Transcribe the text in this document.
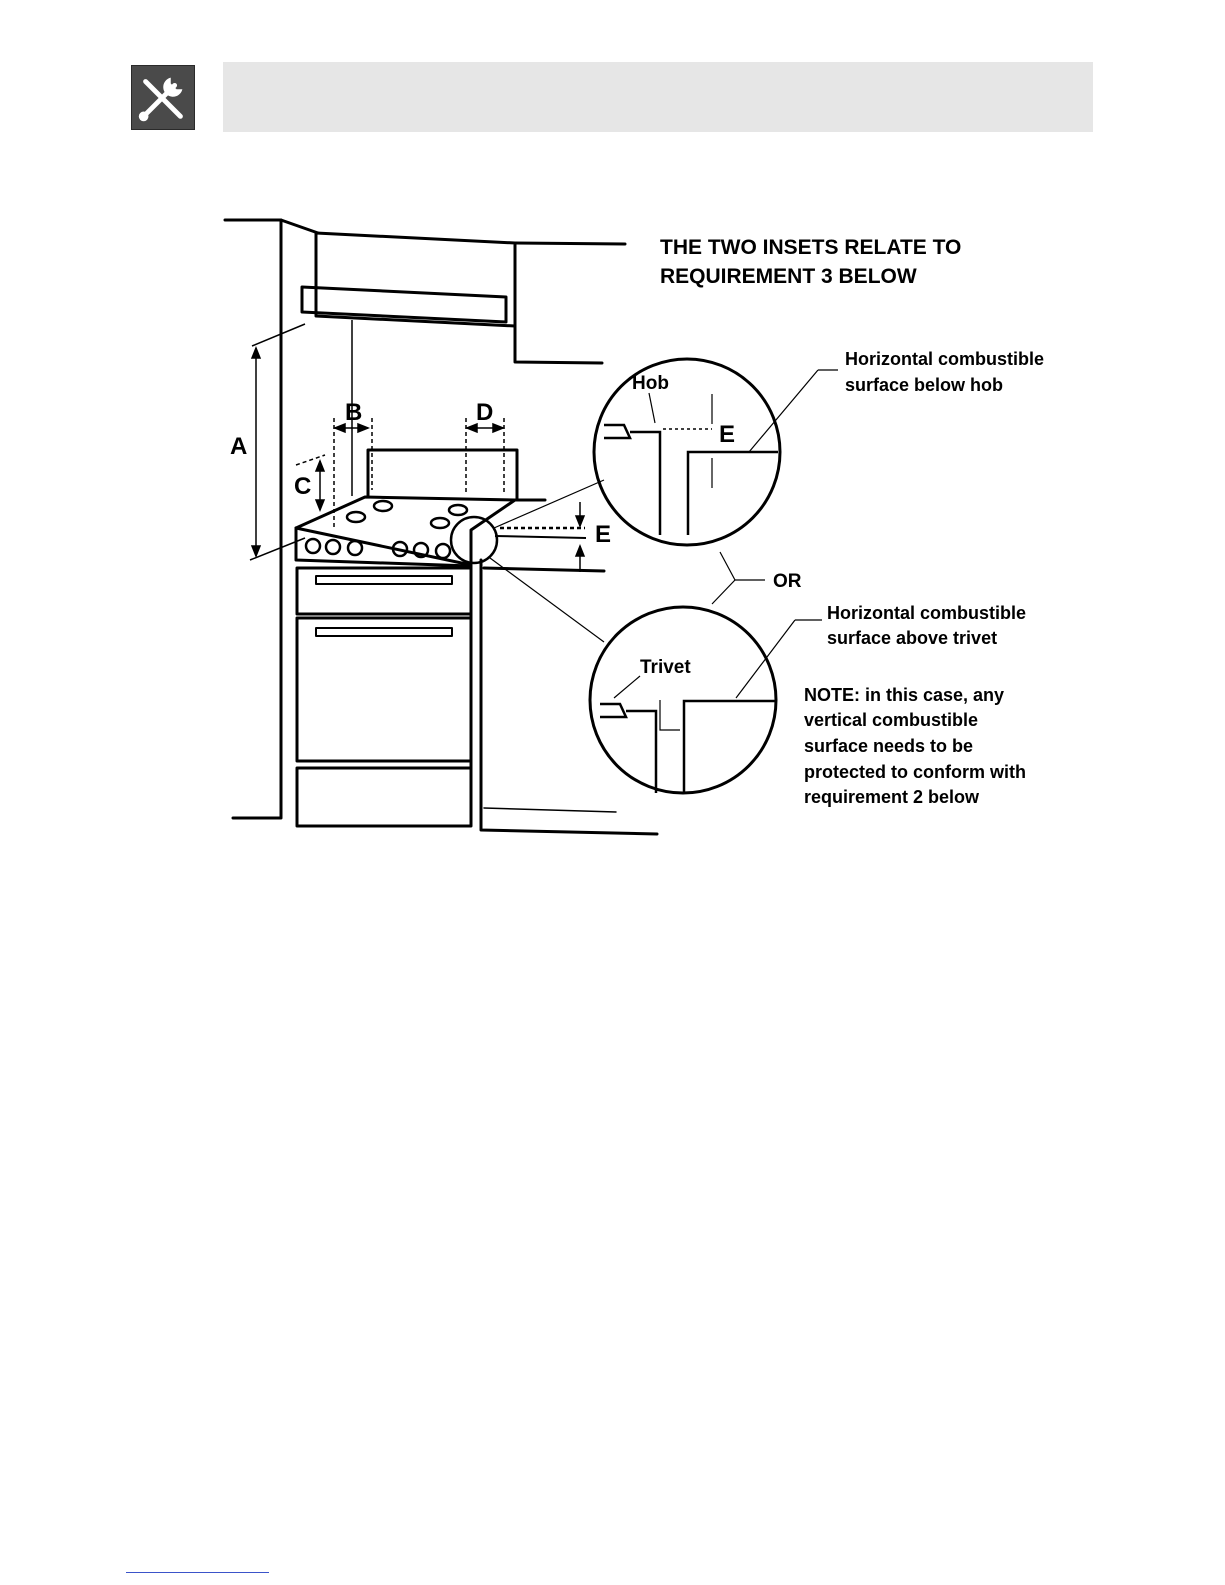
THE TWO INSETS RELATE TO
REQUIREMENT 3 BELOW
A
B
C
D
E
Hob
E
Horizontal combustible
surface below hob
OR
Horizontal combustible
surface above trivet
Trivet
NOTE: in this case, any
vertical combustible
surface needs to be
protected to conform with
requirement 2 below
